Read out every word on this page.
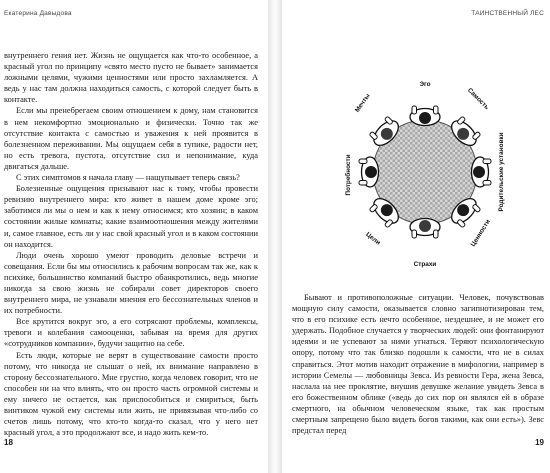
Екатерина Давыдова

внутреннего гения нет. Жизнь не ощущается как что-то особенное, а красный угол по принципу «свято место пусто не бывает» занимается ложными целями, чужими ценностями или просто захламляется. А ведь у нас там должна находиться самость, с которой следует быть в контакте.

Если мы пренебрегаем своим отношением к дому, нам становится в нем некомфортно эмоционально и физически. Точно так же отсутствие контакта с самостью и уважения к ней проявится в болезненном переживании. Мы ощущаем себя в тупике, радости нет, но есть тревога, пустота, отсутствие сил и непонимание, куда двигаться дальше.

С этих симптомов я начала главу — нащупывает теперь связь?

Болезненные ощущения призывают нас к тому, чтобы провести ревизию внутреннего мира: кто живет в нашем доме кроме эго; заботимся ли мы о нем и как к нему относимся; кто хозяин; в каком состоянии жилые комнаты; какие взаимоотношения между жителями и, самое главное, есть ли у нас свой красный угол и в каком состоянии он находится.

Люди очень хорошо умеют проводить деловые встречи и совещания. Если бы мы относились к рабочим вопросам так же, как к психике, большинство компаний быстро обанкротились, ведь многие никогда за свою жизнь не собирали совет директоров своего внутреннего мира, не узнавали мнения его бессознательных членов и их потребности.

Все крутится вокруг эго, а его сотрясают проблемы, комплексы, тревоги и колебания самооценки, забывая на время для других «сотрудников компании», будучи защитно на себе.

Есть люди, которые не верят в существование самости просто потому, что никогда не слышат о ней, их внимание направлено в сторону бессознательного. Мне грустно, когда человек говорит, что не способен ни на что влиять, что он просто часть огромной системы и ему ничего не остается, как приспособиться и смириться, быть винтиком чужой ему системы или жить, не привязывая что-либо со счетов лишь потому, что кто-то когда-то сказал, что у него нет красный угол, а это продолжают все, и надо жить кем-то.

18
ТАИНСТВЕННЫЙ ЛЕС
Эго
Самость
Родительские установки
Ценности
Страхи
Цели
Потребности
Мечты

Бывают и противоположные ситуации. Человек, почувствовав мощную силу самости, оказывается словно загипнотизирован тем, что в его психике есть нечто особенное, нездешнее, и не может его удержать. Подобное случается у творческих людей: они фонтанируют идеями и не успевают за ними угнаться. Теряют психологическую опору, потому что так близко подошли к самости, что не в силах справиться. Этот мотив находит отражение в мифологии, например в истории Семелы — любовницы Зевса. Из ревности Гера, жена Зевса, наслала на нее проклятие, внушив девушке желание увидеть Зевса в его божественном облике («ведь до сих пор он являлся ей в образе смертного, на обычном человеческом языке, так как простым смертным запрещено было видеть богов такими, как они есть»). Зевс предстал перед

19
